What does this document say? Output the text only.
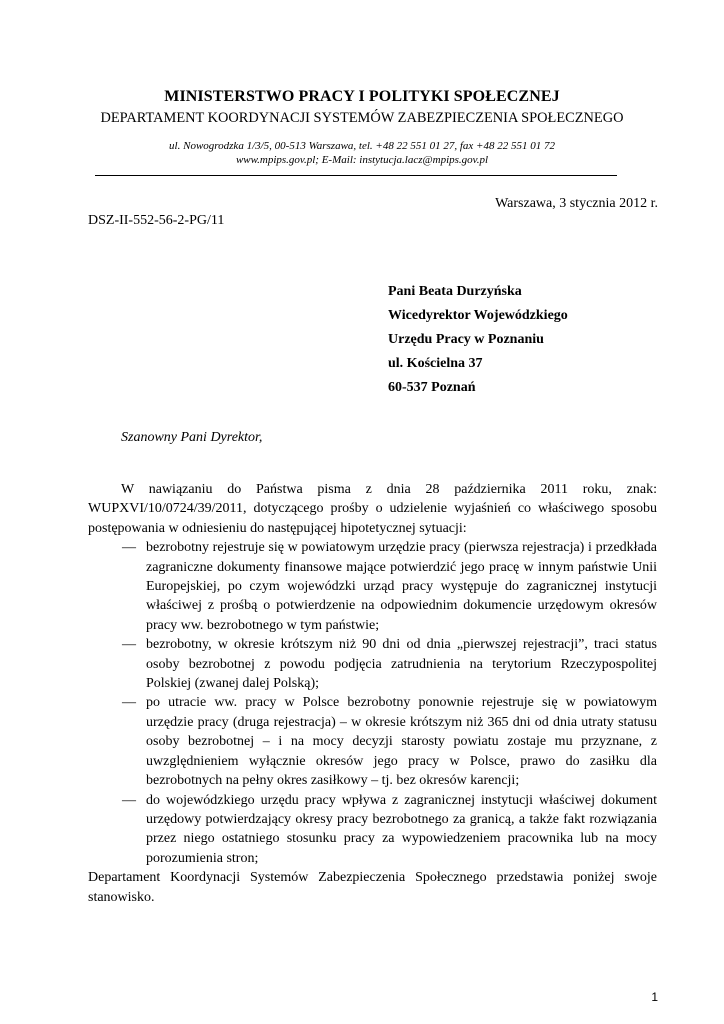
MINISTERSTWO PRACY I POLITYKI SPOŁECZNEJ
DEPARTAMENT KOORDYNACJI SYSTEMÓW ZABEZPIECZENIA SPOŁECZNEGO
ul. Nowogrodzka 1/3/5, 00-513 Warszawa, tel. +48 22 551 01 27, fax +48 22 551 01 72
www.mpips.gov.pl; E-Mail: instytucja.lacz@mpips.gov.pl
Warszawa, 3 stycznia 2012 r.
DSZ-II-552-56-2-PG/11
Pani Beata Durzyńska
Wicedyrektor Wojewódzkiego
Urzędu Pracy w Poznaniu
ul. Kościelna 37
60-537 Poznań
Szanowny Pani Dyrektor,

W nawiązaniu do Państwa pisma z dnia 28 października 2011 roku, znak: WUPXVI/10/0724/39/2011, dotyczącego prośby o udzielenie wyjaśnień co właściwego sposobu postępowania w odniesieniu do następującej hipotetycznej sytuacji:

— bezrobotny rejestruje się w powiatowym urzędzie pracy (pierwsza rejestracja) i przedkłada zagraniczne dokumenty finansowe mające potwierdzić jego pracę w innym państwie Unii Europejskiej, po czym wojewódzki urząd pracy występuje do zagranicznej instytucji właściwej z prośbą o potwierdzenie na odpowiednim dokumencie urzędowym okresów pracy ww. bezrobotnego w tym państwie;
— bezrobotny, w okresie krótszym niż 90 dni od dnia „pierwszej rejestracji”, traci status osoby bezrobotnej z powodu podjęcia zatrudnienia na terytorium Rzeczypospolitej Polskiej (zwanej dalej Polską);
— po utracie ww. pracy w Polsce bezrobotny ponownie rejestruje się w powiatowym urzędzie pracy (druga rejestracja) – w okresie krótszym niż 365 dni od dnia utraty statusu osoby bezrobotnej – i na mocy decyzji starosty powiatu zostaje mu przyznane, z uwzględnieniem wyłącznie okresów jego pracy w Polsce, prawo do zasiłku dla bezrobotnych na pełny okres zasiłkowy – tj. bez okresów karencji;
— do wojewódzkiego urzędu pracy wpływa z zagranicznej instytucji właściwej dokument urzędowy potwierdzający okresy pracy bezrobotnego za granicą, a także fakt rozwiązania przez niego ostatniego stosunku pracy za wypowiedzeniem pracownika lub na mocy porozumienia stron;

Departament Koordynacji Systemów Zabezpieczenia Społecznego przedstawia poniżej swoje stanowisko.

1
